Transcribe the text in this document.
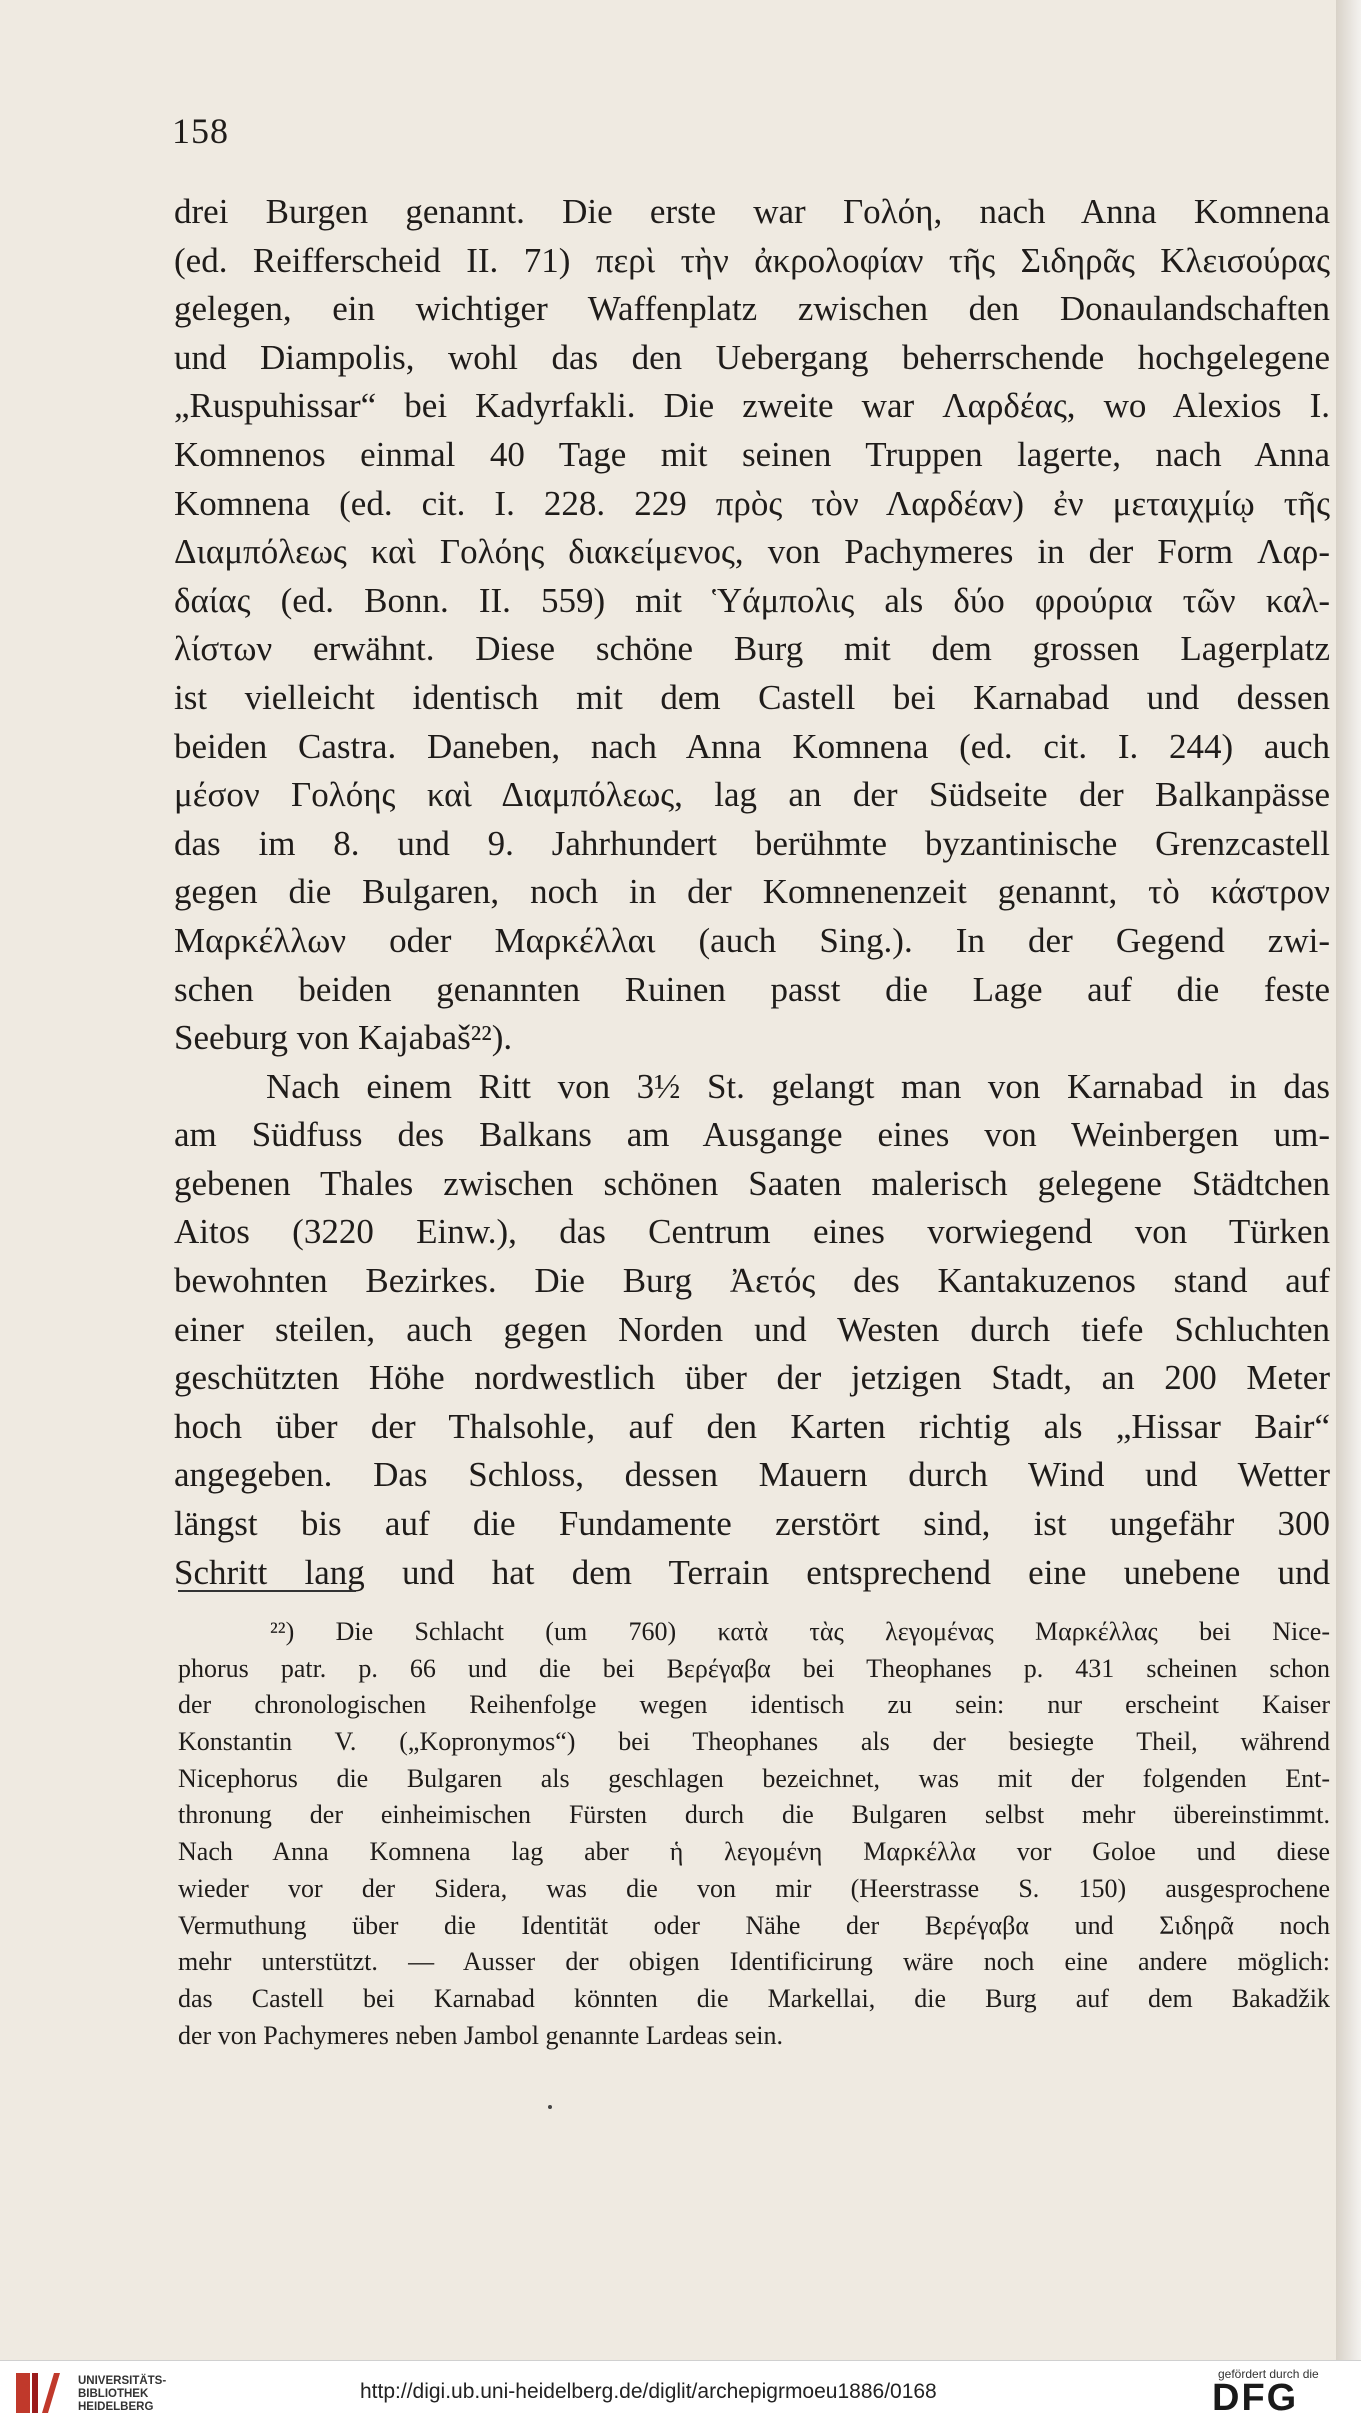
158
drei Burgen genannt. Die erste war Γολόη, nach Anna Komnena
(ed. Reifferscheid II. 71) περὶ τὴν ἀκρολοφίαν τῆς Σιδηρᾶς Κλεισούρας
gelegen, ein wichtiger Waffenplatz zwischen den Donaulandschaften
und Diampolis, wohl das den Uebergang beherrschende hochgelegene
„Ruspuhissar“ bei Kadyrfakli. Die zweite war Λαρδέας, wo Alexios I.
Komnenos einmal 40 Tage mit seinen Truppen lagerte, nach Anna
Komnena (ed. cit. I. 228. 229 πρὸς τὸν Λαρδέαν) ἐν μεταιχμίῳ τῆς
Διαμπόλεως καὶ Γολόης διακείμενος, von Pachymeres in der Form Λαρ-
δαίας (ed. Bonn. II. 559) mit Ὑάμπολις als δύο φρούρια τῶν καλ-
λίστων erwähnt. Diese schöne Burg mit dem grossen Lagerplatz
ist vielleicht identisch mit dem Castell bei Karnabad und dessen
beiden Castra. Daneben, nach Anna Komnena (ed. cit. I. 244) auch
μέσον Γολόης καὶ Διαμπόλεως, lag an der Südseite der Balkanpässe
das im 8. und 9. Jahrhundert berühmte byzantinische Grenzcastell
gegen die Bulgaren, noch in der Komnenenzeit genannt, τὸ κάστρον
Μαρκέλλων oder Μαρκέλλαι (auch Sing.). In der Gegend zwi-
schen beiden genannten Ruinen passt die Lage auf die feste
Seeburg von Kajabaš²²).
Nach einem Ritt von 3½ St. gelangt man von Karnabad in das
am Südfuss des Balkans am Ausgange eines von Weinbergen um-
gebenen Thales zwischen schönen Saaten malerisch gelegene Städtchen
Aitos (3220 Einw.), das Centrum eines vorwiegend von Türken
bewohnten Bezirkes. Die Burg Ἀετός des Kantakuzenos stand auf
einer steilen, auch gegen Norden und Westen durch tiefe Schluchten
geschützten Höhe nordwestlich über der jetzigen Stadt, an 200 Meter
hoch über der Thalsohle, auf den Karten richtig als „Hissar Bair“
angegeben. Das Schloss, dessen Mauern durch Wind und Wetter
längst bis auf die Fundamente zerstört sind, ist ungefähr 300
Schritt lang und hat dem Terrain entsprechend eine unebene und
²²) Die Schlacht (um 760) κατὰ τὰς λεγομένας Μαρκέλλας bei Nice-
phorus patr. p. 66 und die bei Βερέγαβα bei Theophanes p. 431 scheinen schon
der chronologischen Reihenfolge wegen identisch zu sein: nur erscheint Kaiser
Konstantin V. („Kopronymos“) bei Theophanes als der besiegte Theil, während
Nicephorus die Bulgaren als geschlagen bezeichnet, was mit der folgenden Ent-
thronung der einheimischen Fürsten durch die Bulgaren selbst mehr übereinstimmt.
Nach Anna Komnena lag aber ἡ λεγομένη Μαρκέλλα vor Goloe und diese
wieder vor der Sidera, was die von mir (Heerstrasse S. 150) ausgesprochene
Vermuthung über die Identität oder Nähe der Βερέγαβα und Σιδηρᾶ noch
mehr unterstützt. — Ausser der obigen Identificirung wäre noch eine andere möglich:
das Castell bei Karnabad könnten die Markellai, die Burg auf dem Bakadžik
der von Pachymeres neben Jambol genannte Lardeas sein.
UNIVERSITÄTS-
BIBLIOTHEK
HEIDELBERG
http://digi.ub.uni-heidelberg.de/diglit/archepigrmoeu1886/0168
gefördert durch die
DFG
